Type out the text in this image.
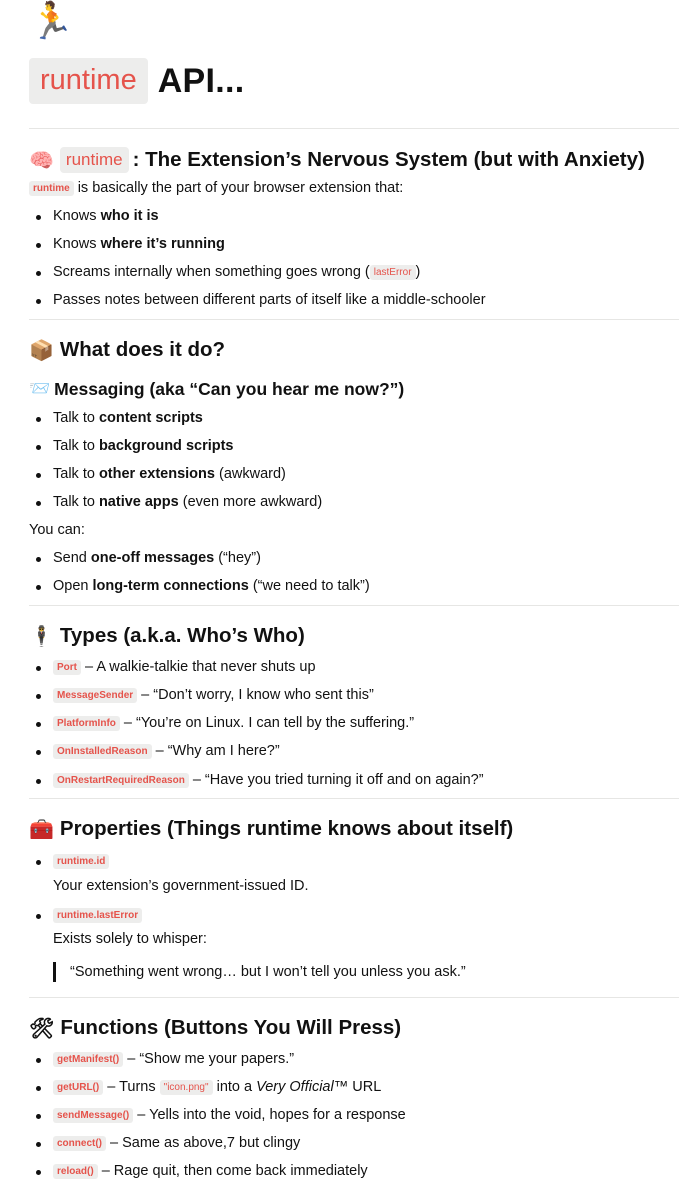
🏃
runtime API...
🧠 runtime : The Extension’s Nervous System (but with Anxiety)
runtime is basically the part of your browser extension that:
Knows who it is
Knows where it’s running
Screams internally when something goes wrong ( lastError )
Passes notes between different parts of itself like a middle-schooler
📦 What does it do?
📨 Messaging (aka “Can you hear me now?”)
Talk to content scripts
Talk to background scripts
Talk to other extensions (awkward)
Talk to native apps (even more awkward)
You can:
Send one-off messages (“hey”)
Open long-term connections (“we need to talk”)
🕴 Types (a.k.a. Who’s Who)
Port – A walkie-talkie that never shuts up
MessageSender – “Don’t worry, I know who sent this”
PlatformInfo – “You’re on Linux. I can tell by the suffering.”
OnInstalledReason – “Why am I here?”
OnRestartRequiredReason – “Have you tried turning it off and on again?”
🧰 Properties (Things runtime knows about itself)
runtime.id
Your extension’s government-issued ID.
runtime.lastError
Exists solely to whisper:
“Something went wrong… but I won’t tell you unless you ask.”
🛠 Functions (Buttons You Will Press)
getManifest() – “Show me your papers.”
getURL() – Turns "icon.png" into a Very Official™ URL
sendMessage() – Yells into the void, hopes for a response
connect() – Same as above,7 but clingy
reload() – Rage quit, then come back immediately
